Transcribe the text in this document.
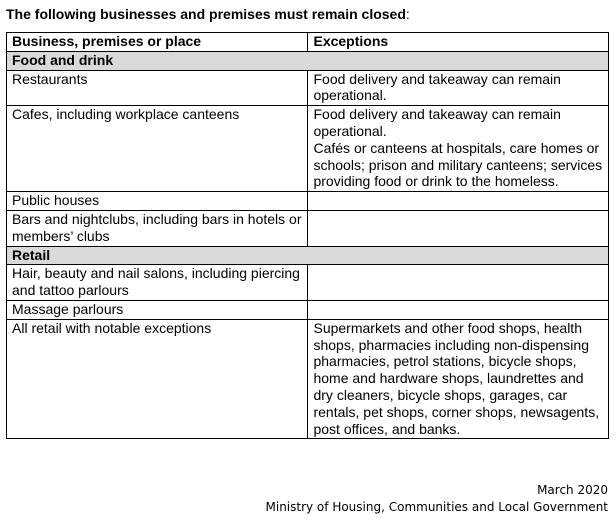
The following businesses and premises must remain closed:
Business, premises or place	Exceptions
Food and drink	
Restaurants	Food delivery and takeaway can remain operational.

Cafes, including workplace canteens	Food delivery and takeaway can remain operational.
Cafés or canteens at hospitals, care homes or schools; prison and military canteens; services providing food or drink to the homeless.

Public houses	
Bars and nightclubs, including bars in hotels or members’ clubs	
Retail	
Hair, beauty and nail salons, including piercing and tattoo parlours	
Massage parlours	
All retail with notable exceptions	Supermarkets and other food shops, health shops, pharmacies including non-dispensing pharmacies, petrol stations, bicycle shops, home and hardware shops, laundrettes and dry cleaners, bicycle shops, garages, car rentals, pet shops, corner shops, newsagents, post offices, and banks.
March 2020
Ministry of Housing, Communities and Local Government
